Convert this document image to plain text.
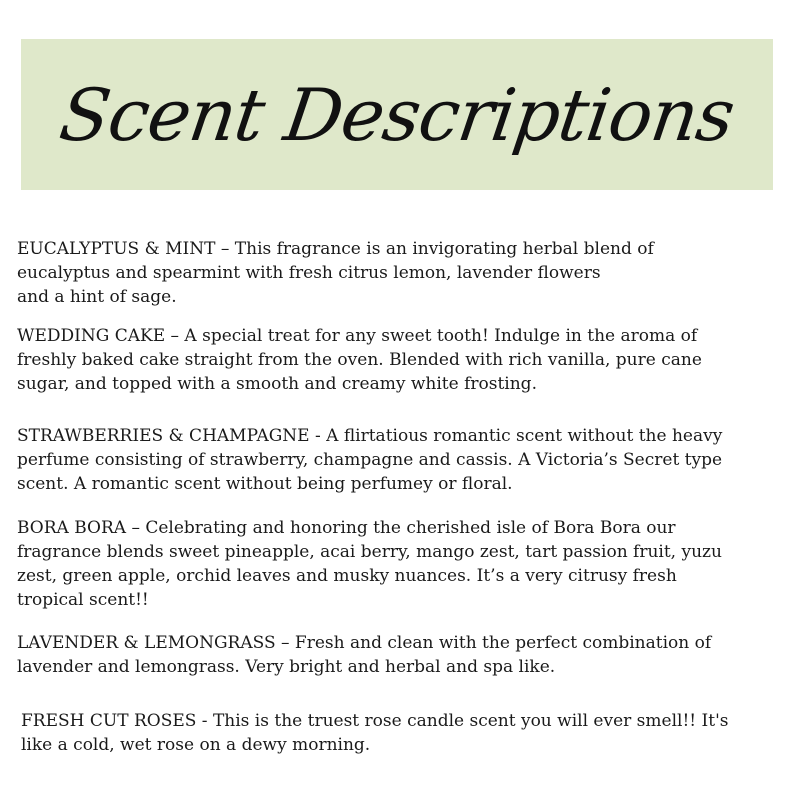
Scent Descriptions

EUCALYPTUS & MINT – This fragrance is an invigorating herbal blend of
eucalyptus and spearmint with fresh citrus lemon, lavender flowers
and a hint of sage.

WEDDING CAKE – A special treat for any sweet tooth! Indulge in the aroma of
freshly baked cake straight from the oven. Blended with rich vanilla, pure cane
sugar, and topped with a smooth and creamy white frosting.

STRAWBERRIES & CHAMPAGNE - A flirtatious romantic scent without the heavy
perfume consisting of strawberry, champagne and cassis. A Victoria’s Secret type
scent. A romantic scent without being perfumey or floral.

BORA BORA – Celebrating and honoring the cherished isle of Bora Bora our
fragrance blends sweet pineapple, acai berry, mango zest, tart passion fruit, yuzu
zest, green apple, orchid leaves and musky nuances. It’s a very citrusy fresh
tropical scent!!

LAVENDER & LEMONGRASS – Fresh and clean with the perfect combination of
lavender and lemongrass. Very bright and herbal and spa like.

FRESH CUT ROSES - This is the truest rose candle scent you will ever smell!! It's
like a cold, wet rose on a dewy morning.
